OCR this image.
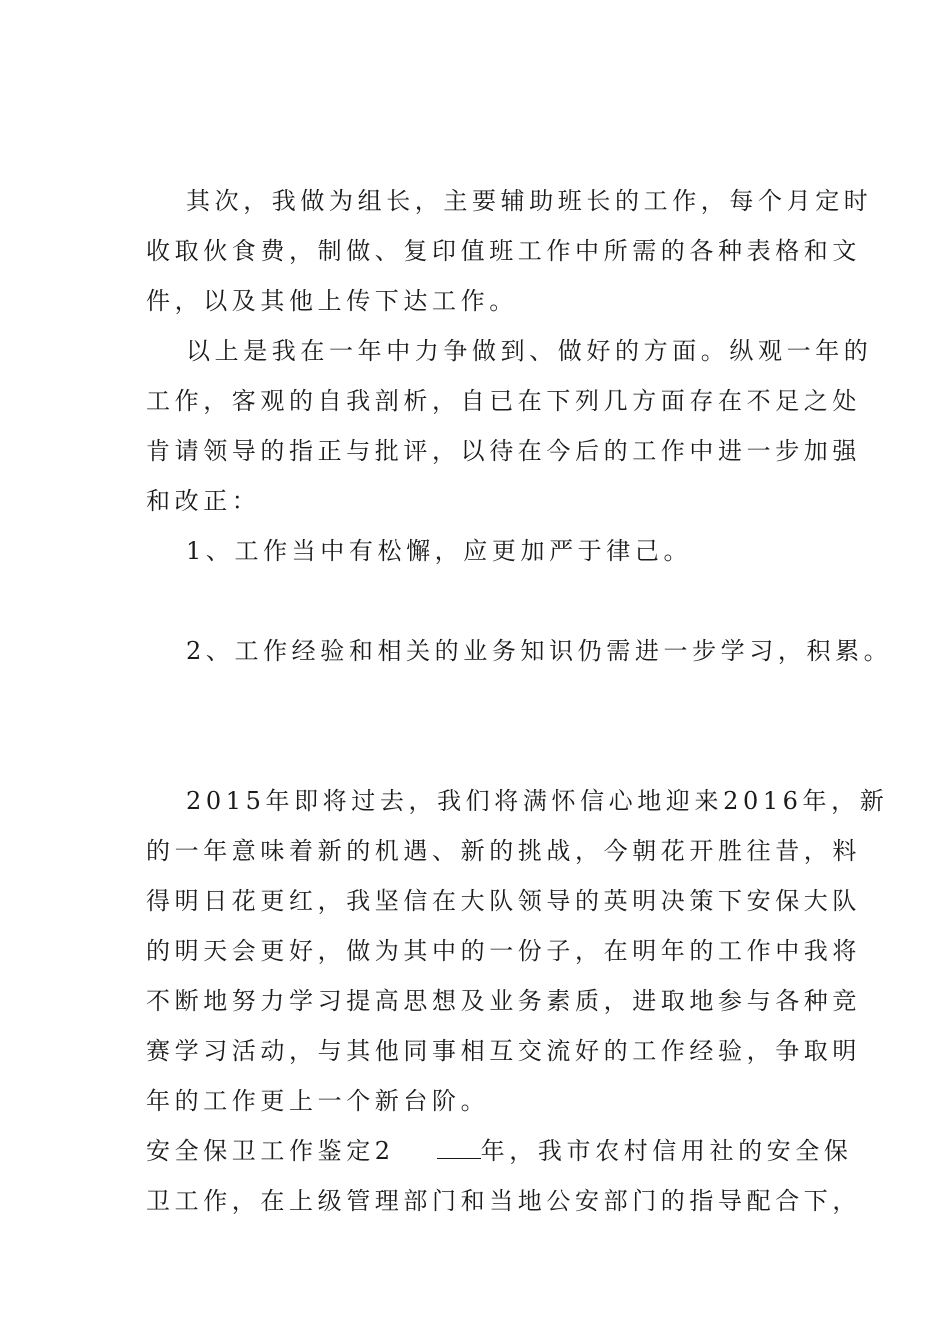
其次，我做为组长，主要辅助班长的工作，每个月定时
收取伙食费，制做、复印值班工作中所需的各种表格和文
件，以及其他上传下达工作。
以上是我在一年中力争做到、做好的方面。纵观一年的
工作，客观的自我剖析，自已在下列几方面存在不足之处
肯请领导的指正与批评，以待在今后的工作中进一步加强
和改正：
1、工作当中有松懈，应更加严于律己。
2、工作经验和相关的业务知识仍需进一步学习，积累。
2015年即将过去，我们将满怀信心地迎来2016年，新
的一年意味着新的机遇、新的挑战，今朝花开胜往昔，料
得明日花更红，我坚信在大队领导的英明决策下安保大队
的明天会更好，做为其中的一份子，在明年的工作中我将
不断地努力学习提高思想及业务素质，进取地参与各种竞
赛学习活动，与其他同事相互交流好的工作经验，争取明
年的工作更上一个新台阶。
安全保卫工作鉴定2	年，我市农村信用社的安全保
卫工作，在上级管理部门和当地公安部门的指导配合下，
